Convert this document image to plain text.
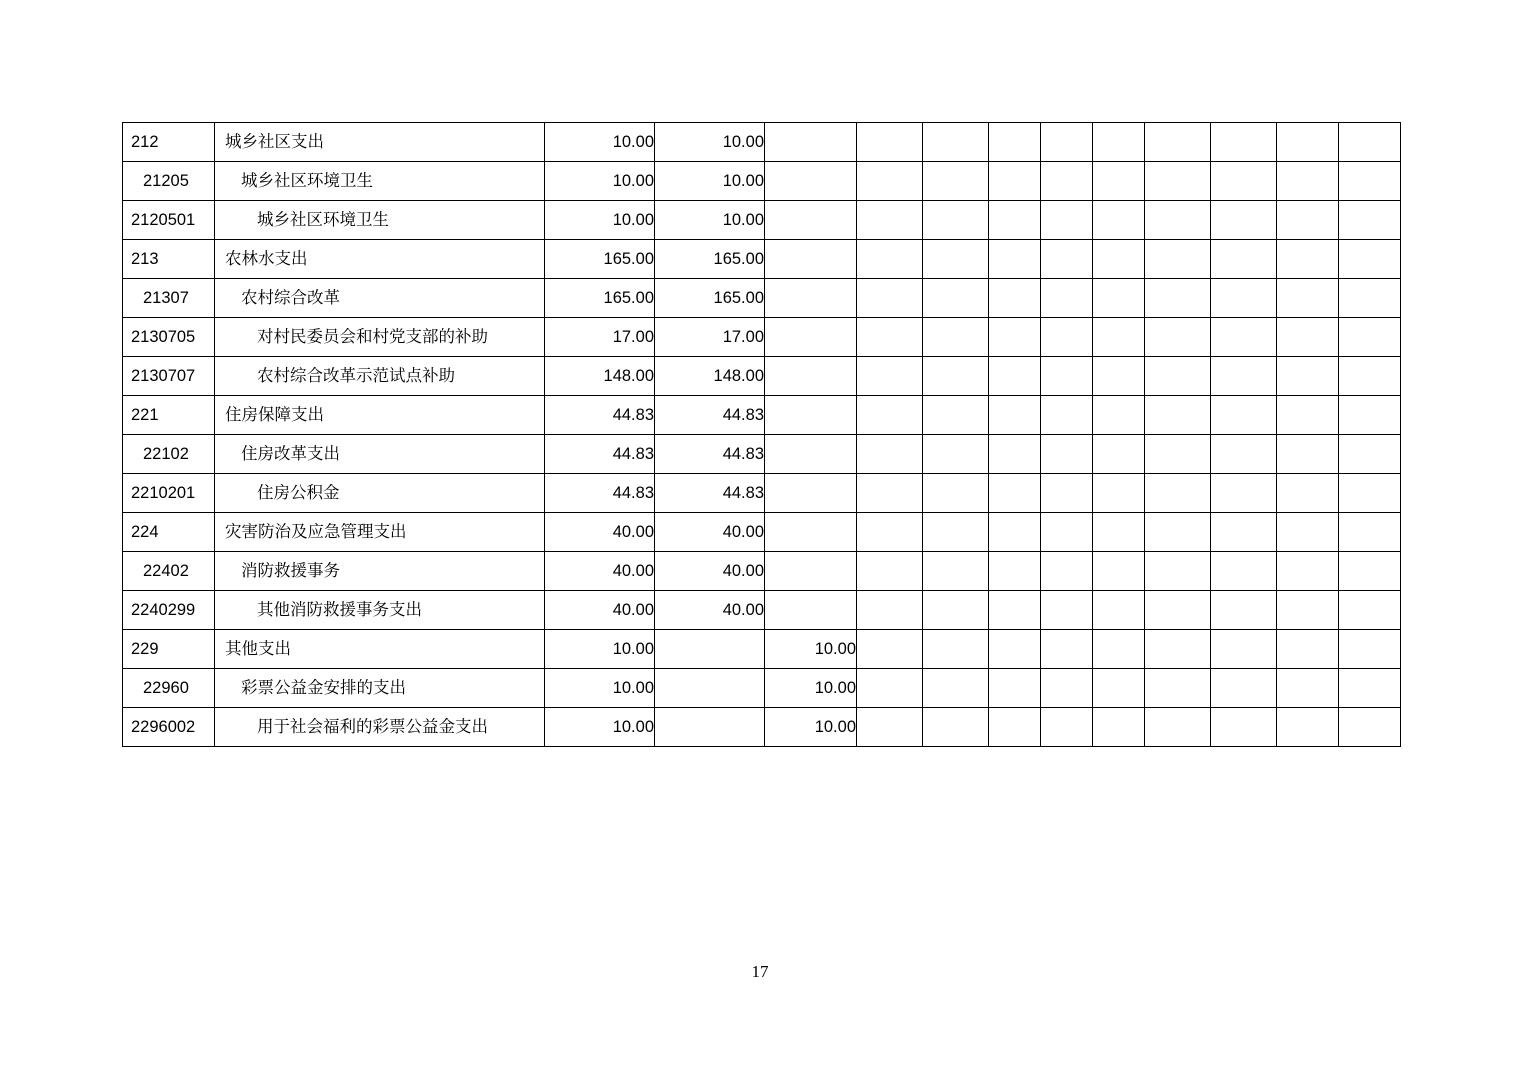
212	城乡社区支出	10.00	10.00										
21205	城乡社区环境卫生	10.00	10.00										
2120501	城乡社区环境卫生	10.00	10.00										
213	农林水支出	165.00	165.00										
21307	农村综合改革	165.00	165.00										
2130705	对村民委员会和村党支部的补助	17.00	17.00										
2130707	农村综合改革示范试点补助	148.00	148.00										
221	住房保障支出	44.83	44.83										
22102	住房改革支出	44.83	44.83										
2210201	住房公积金	44.83	44.83										
224	灾害防治及应急管理支出	40.00	40.00										
22402	消防救援事务	40.00	40.00										
2240299	其他消防救援事务支出	40.00	40.00										
229	其他支出	10.00		10.00									
22960	彩票公益金安排的支出	10.00		10.00									
2296002	用于社会福利的彩票公益金支出	10.00		10.00									
17
